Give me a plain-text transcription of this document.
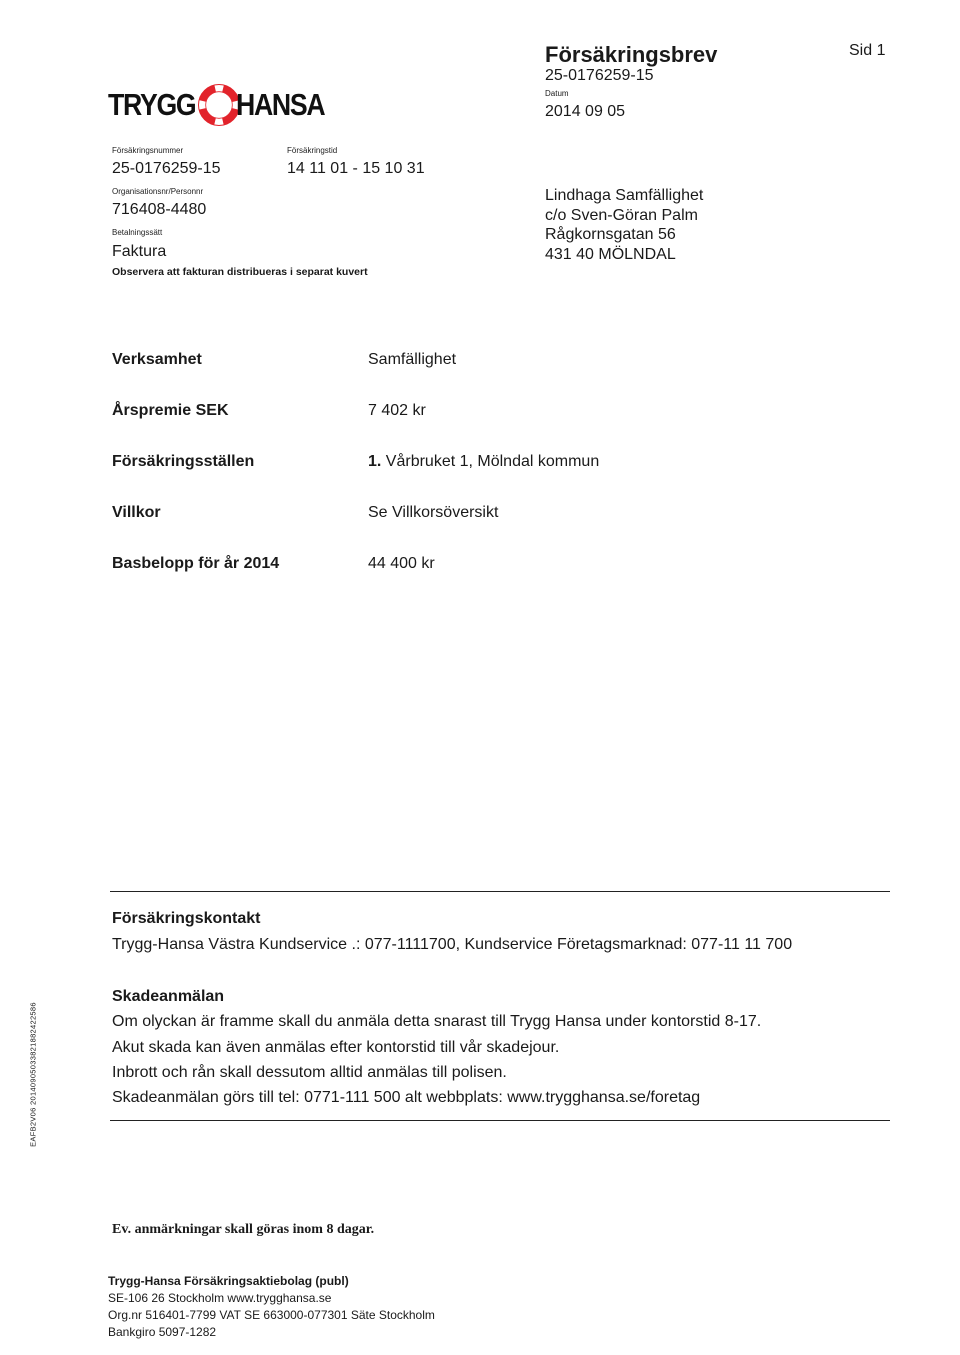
TRYGG HANSA
Försäkringsbrev
25-0176259-15
Datum
2014 09 05
Sid 1
Försäkringsnummer
25-0176259-15
Försäkringstid
14 11 01 - 15 10 31
Organisationsnr/Personnr
716408-4480
Betalningssätt
Faktura
Observera att fakturan distribueras i separat kuvert
Lindhaga Samfällighet
c/o Sven-Göran Palm
Rågkornsgatan 56
431 40 MÖLNDAL
Verksamhet	Samfällighet
Årspremie SEK	7 402 kr
Försäkringsställen	1. Vårbruket 1, Mölndal kommun
Villkor	Se Villkorsöversikt
Basbelopp för år 2014	44 400 kr
Försäkringskontakt
Trygg-Hansa Västra Kundservice .: 077-1111700, Kundservice Företagsmarknad: 077-11 11 700
Skadeanmälan
Om olyckan är framme skall du anmäla detta snarast till Trygg Hansa under kontorstid 8-17.
Akut skada kan även anmälas efter kontorstid till vår skadejour.
Inbrott och rån skall dessutom alltid anmälas till polisen.
Skadeanmälan görs till tel: 0771-111 500 alt webbplats: www.trygghansa.se/foretag
EAFB2V06 20140905033821882422586
Ev. anmärkningar skall göras inom 8 dagar.
Trygg-Hansa Försäkringsaktiebolag (publ)
SE-106 26 Stockholm www.trygghansa.se
Org.nr 516401-7799 VAT SE 663000-077301 Säte Stockholm
Bankgiro 5097-1282
